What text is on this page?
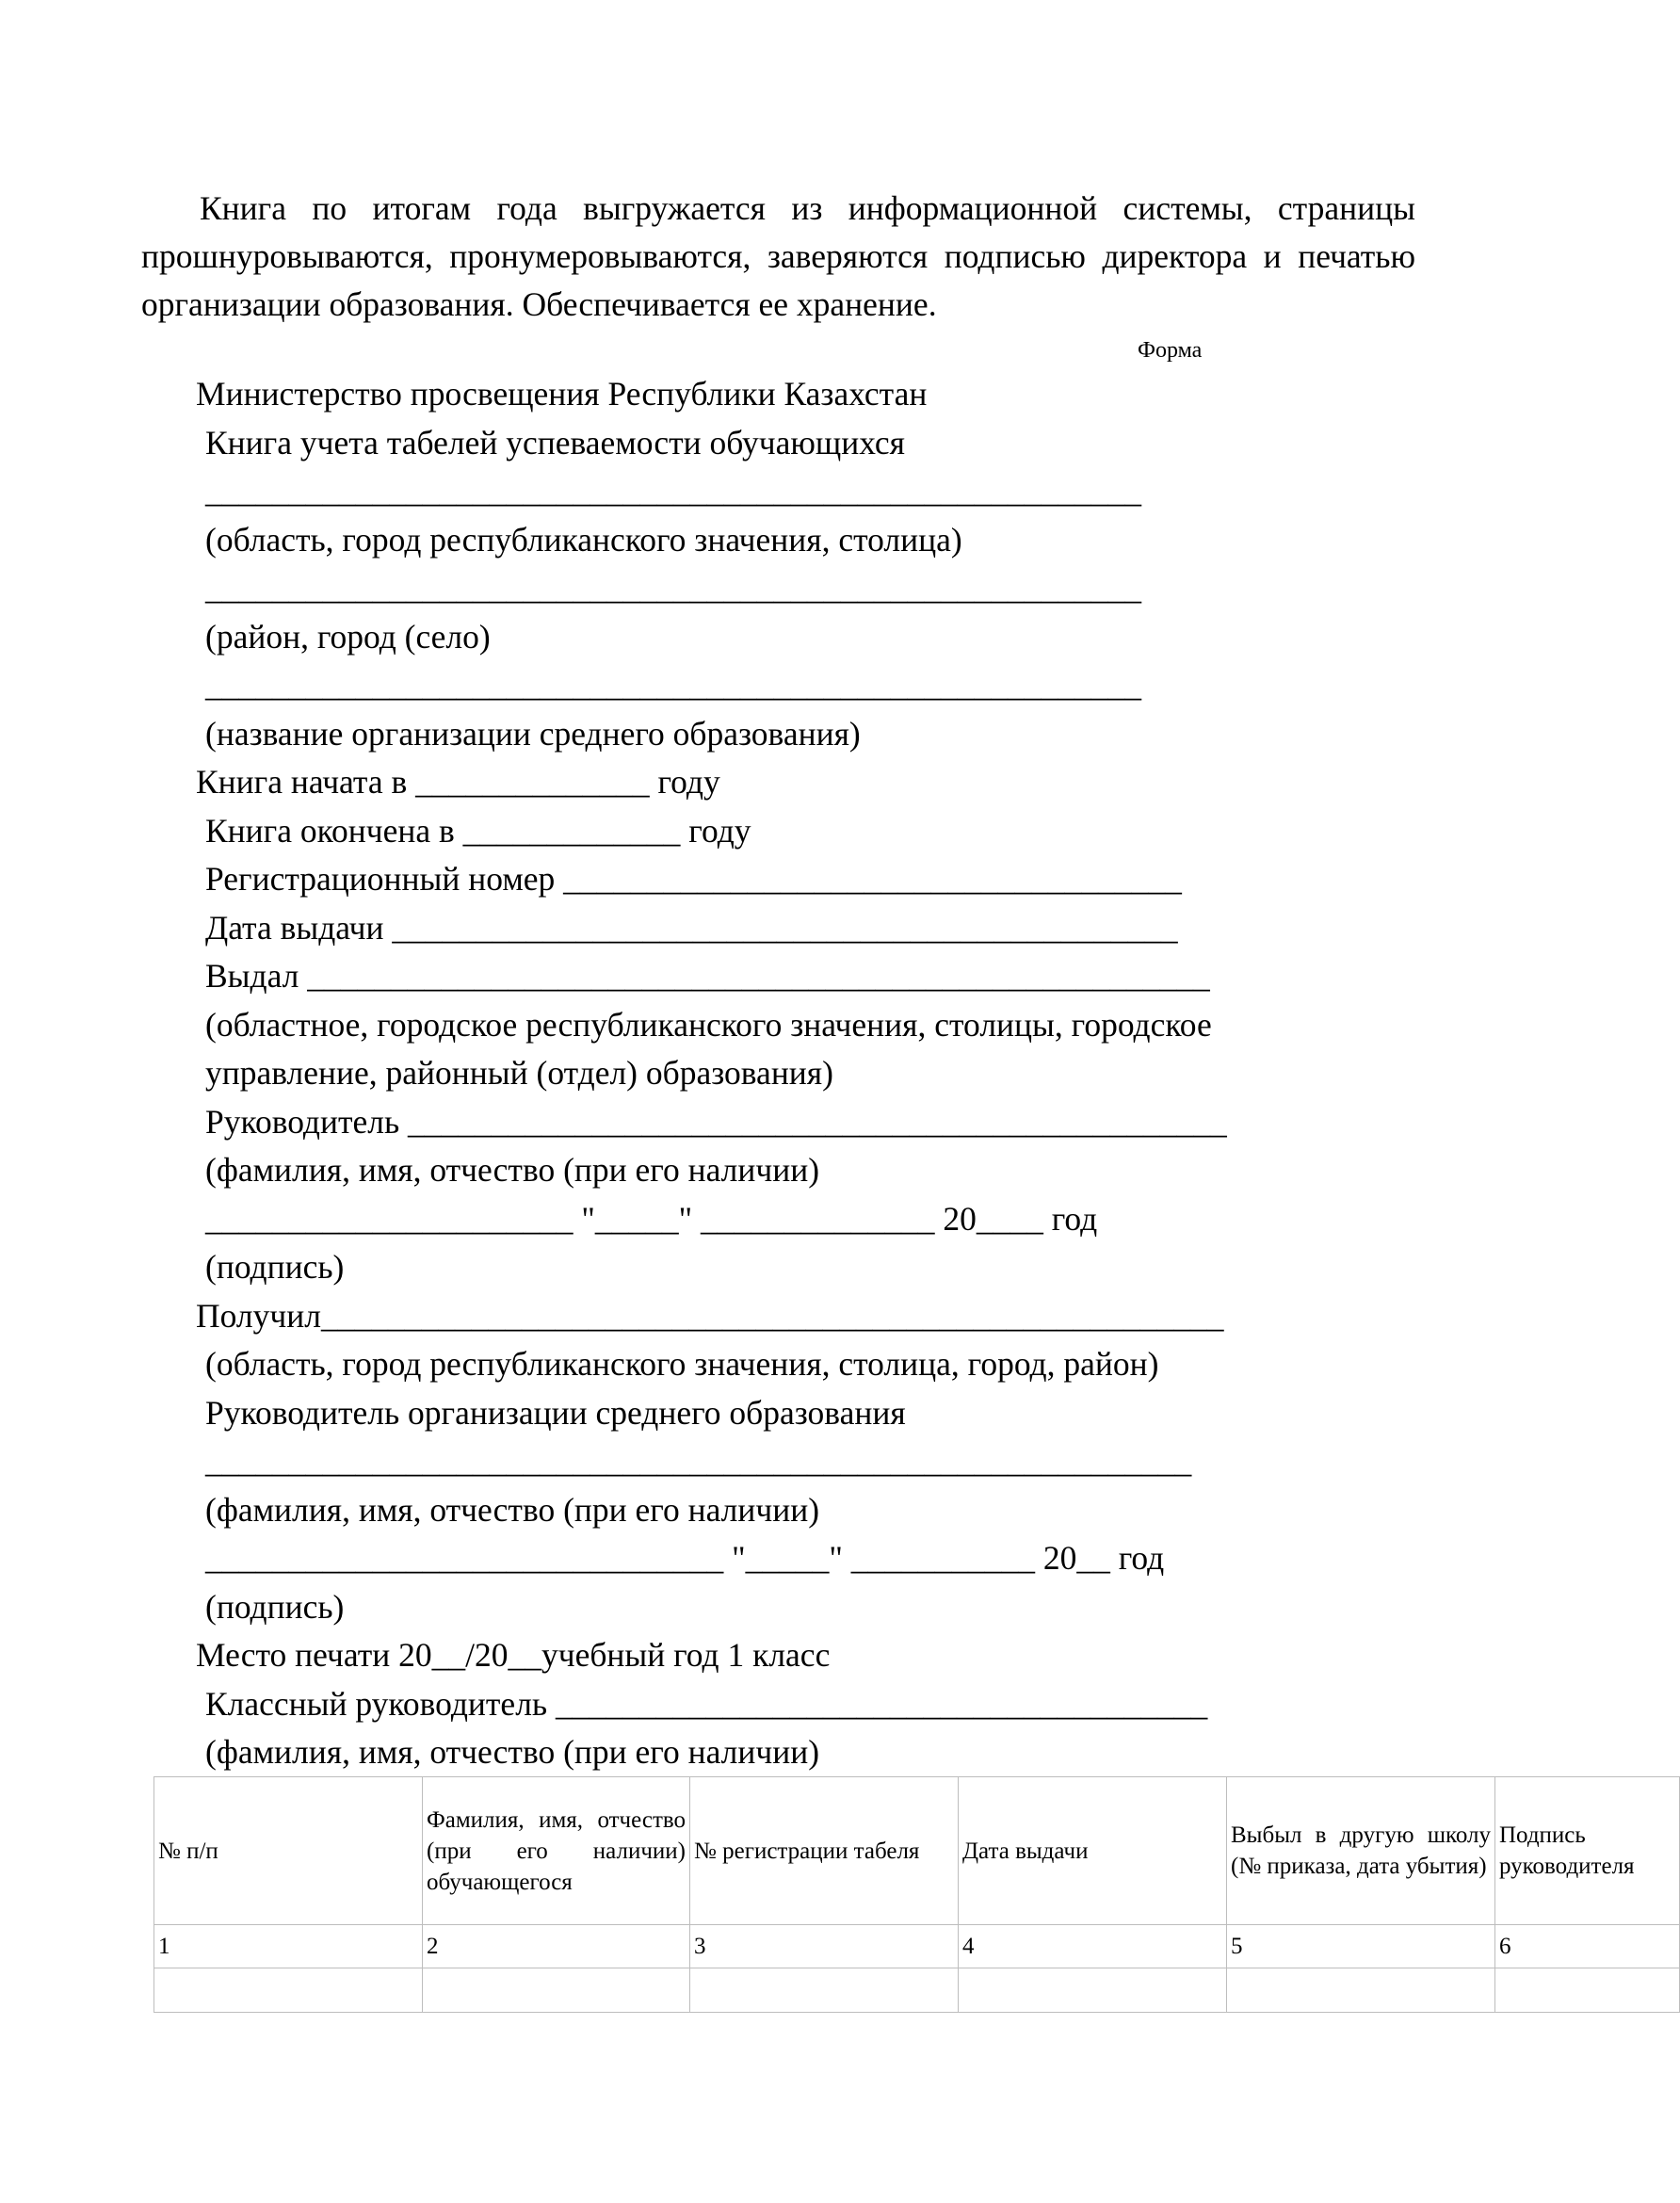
Книга по итогам года выгружается из информационной системы, страницы прошнуровываются, пронумеровываются, заверяются подписью директора и печатью организации образования. Обеспечивается ее хранение.

Форма
Министерство просвещения Республики Казахстан
Книга учета табелей успеваемости обучающихся
________________________________________________________
(область, город республиканского значения, столица)
________________________________________________________
(район, город (село)
________________________________________________________
(название организации среднего образования)
Книга начата в ______________ году
Книга окончена в _____________ году
Регистрационный номер _____________________________________
Дата выдачи _______________________________________________
Выдал ______________________________________________________
(областное, городское республиканского значения, столицы, городское
управление, районный (отдел) образования)
Руководитель _________________________________________________
(фамилия, имя, отчество (при его наличии)
______________________ "_____" ______________ 20____ год
(подпись)
Получил______________________________________________________
(область, город республиканского значения, столица, город, район)
Руководитель организации среднего образования
___________________________________________________________
(фамилия, имя, отчество (при его наличии)
_______________________________ "_____" ___________ 20__ год
(подпись)
Место печати 20__/20__учебный год 1 класс
Классный руководитель _______________________________________
(фамилия, имя, отчество (при его наличии)
№ п/п	Фамилия, имя, отчество (при его наличии) обучающегося	№ регистрации табеля	Дата выдачи	Выбыл в другую школу (№ приказа, дата убытия)	Подпись руководителя
1	2	3	4	5	6
